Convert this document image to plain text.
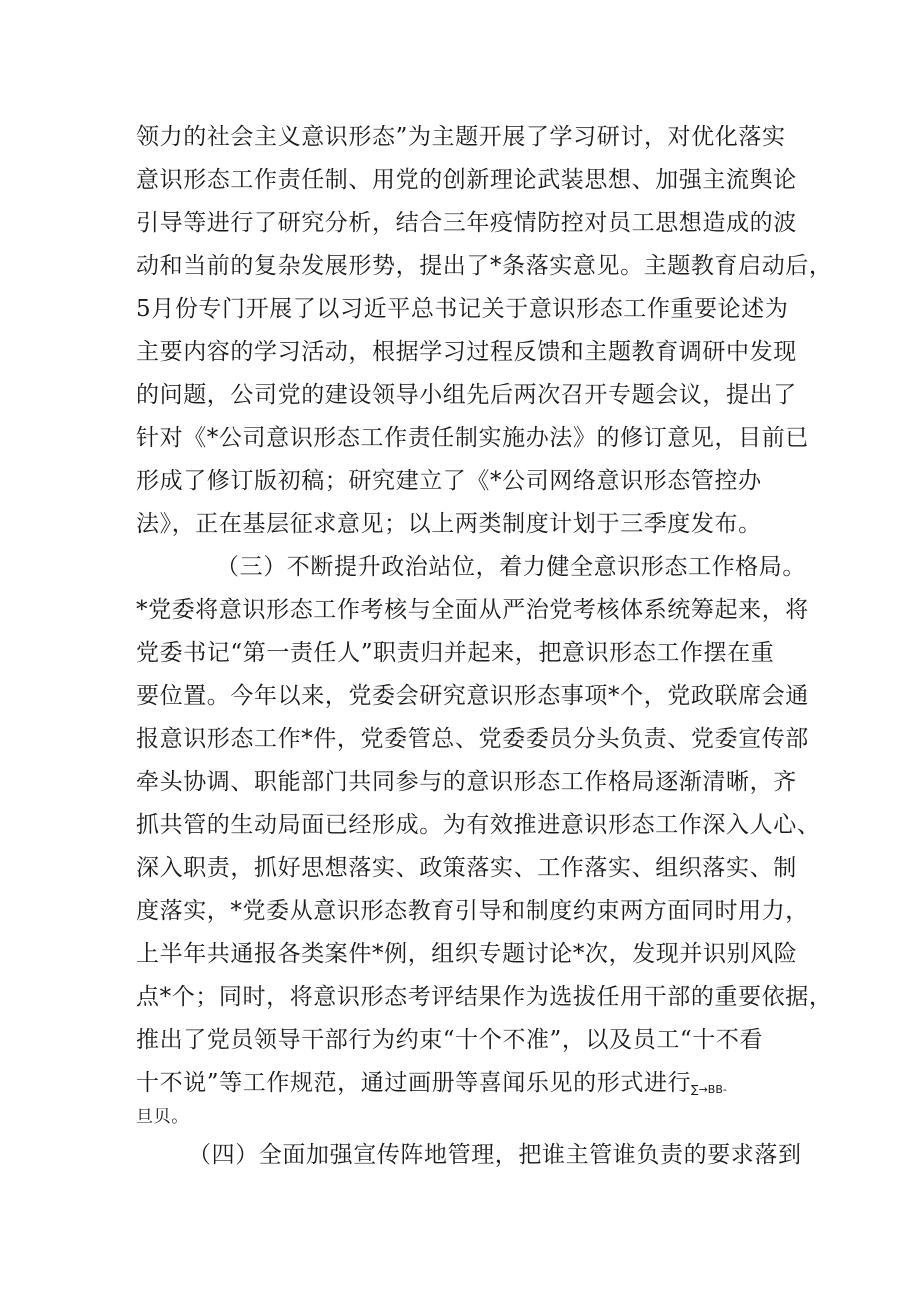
领力的社会主义意识形态”为主题开展了学习研讨，对优化落实
意识形态工作责任制、用党的创新理论武装思想、加强主流舆论
引导等进行了研究分析，结合三年疫情防控对员工思想造成的波
动和当前的复杂发展形势，提出了*条落实意见。主题教育启动后，
5月份专门开展了以习近平总书记关于意识形态工作重要论述为
主要内容的学习活动，根据学习过程反馈和主题教育调研中发现
的问题，公司党的建设领导小组先后两次召开专题会议，提出了
针对《*公司意识形态工作责任制实施办法》的修订意见，目前已
形成了修订版初稿；研究建立了《*公司网络意识形态管控办
法》，正在基层征求意见；以上两类制度计划于三季度发布。
（三）不断提升政治站位，着力健全意识形态工作格局。
*党委将意识形态工作考核与全面从严治党考核体系统筹起来，将
党委书记“第一责任人”职责归并起来，把意识形态工作摆在重
要位置。今年以来，党委会研究意识形态事项*个，党政联席会通
报意识形态工作*件，党委管总、党委委员分头负责、党委宣传部
牵头协调、职能部门共同参与的意识形态工作格局逐渐清晰，齐
抓共管的生动局面已经形成。为有效推进意识形态工作深入人心、
深入职责，抓好思想落实、政策落实、工作落实、组织落实、制
度落实，*党委从意识形态教育引导和制度约束两方面同时用力，
上半年共通报各类案件*例，组织专题讨论*次，发现并识别风险
点*个；同时，将意识形态考评结果作为选拔任用干部的重要依据，
推出了党员领导干部行为约束“十个不准”，以及员工“十不看
十不说”等工作规范，通过画册等喜闻乐见的形式进行∑→BB-
旦贝。
（四）全面加强宣传阵地管理，把谁主管谁负责的要求落到
